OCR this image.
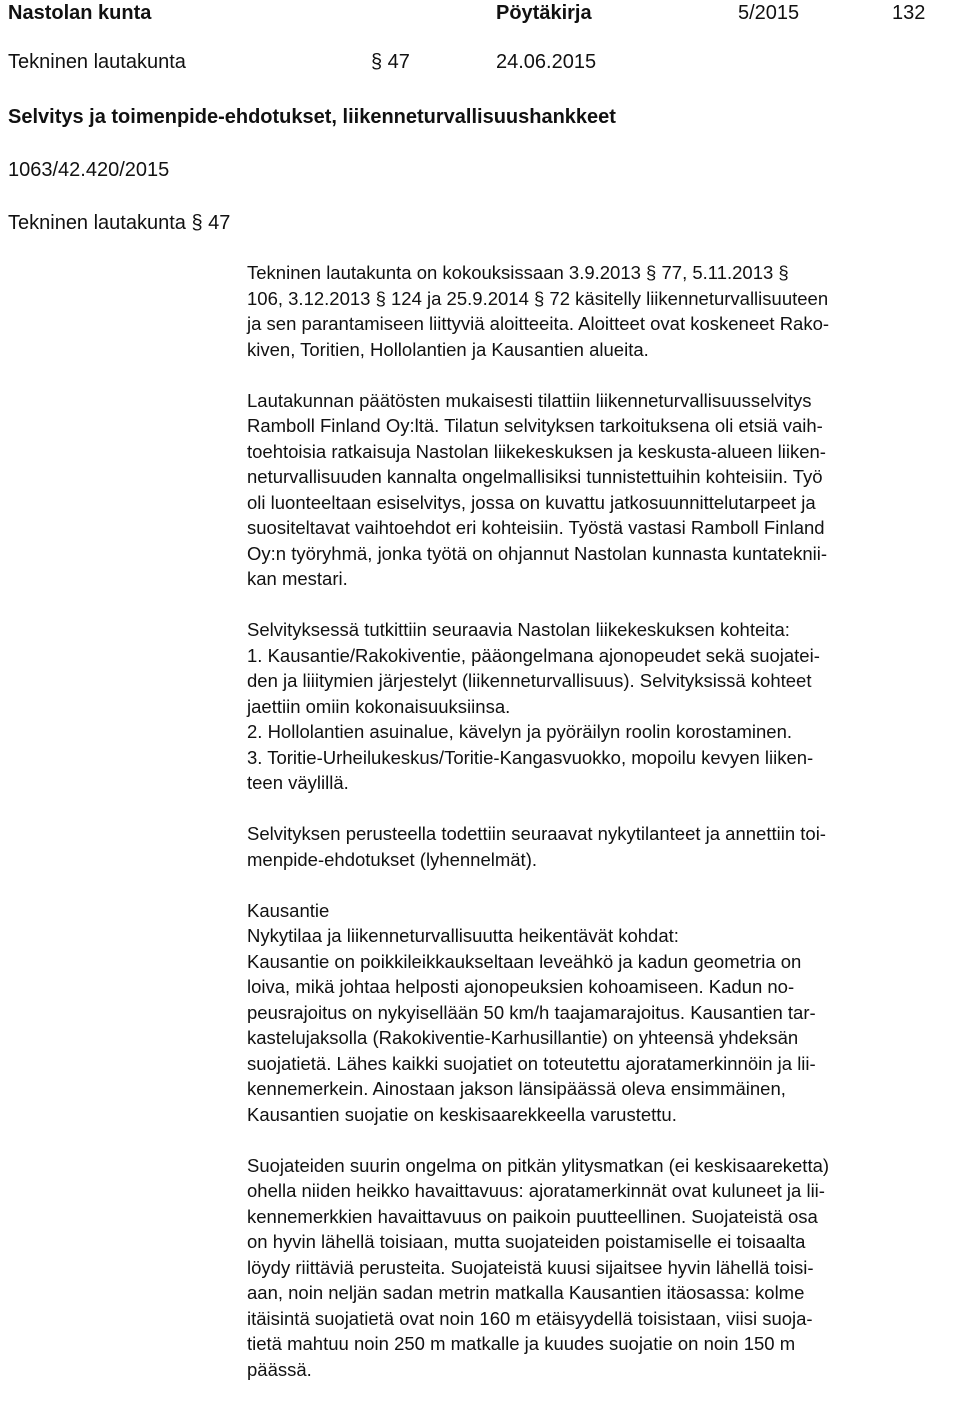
Nastolan kunta	Pöytäkirja	5/2015	132
Tekninen lautakunta	§ 47	24.06.2015
Selvitys ja toimenpide-ehdotukset, liikenneturvallisuushankkeet
1063/42.420/2015
Tekninen lautakunta § 47

Tekninen lautakunta on kokouksissaan 3.9.2013 § 77, 5.11.2013 §
106, 3.12.2013 § 124 ja 25.9.2014 § 72 käsitelly liikenneturvallisuuteen
ja sen parantamiseen liittyviä aloitteeita. Aloitteet ovat koskeneet Rako-
kiven, Toritien, Hollolantien ja Kausantien alueita.

Lautakunnan päätösten mukaisesti tilattiin liikenneturvallisuusselvitys
Ramboll Finland Oy:ltä. Tilatun selvityksen tarkoituksena oli etsiä vaih-
toehtoisia ratkaisuja Nastolan liikekeskuksen ja keskusta-alueen liiken-
neturvallisuuden kannalta ongelmallisiksi tunnistettuihin kohteisiin. Työ
oli luonteeltaan esiselvitys, jossa on kuvattu jatkosuunnittelutarpeet ja
suositeltavat vaihtoehdot eri kohteisiin. Työstä vastasi Ramboll Finland
Oy:n työryhmä, jonka työtä on ohjannut Nastolan kunnasta kuntateknii-
kan mestari.

Selvityksessä tutkittiin seuraavia Nastolan liikekeskuksen kohteita:
1. Kausantie/Rakokiventie, pääongelmana ajonopeudet sekä suojatei-
den ja liiitymien järjestelyt (liikenneturvallisuus). Selvityksissä kohteet
jaettiin omiin kokonaisuuksiinsa.
2. Hollolantien asuinalue, kävelyn ja pyöräilyn roolin korostaminen.
3. Toritie-Urheilukeskus/Toritie-Kangasvuokko, mopoilu kevyen liiken-
teen väylillä.

Selvityksen perusteella todettiin seuraavat nykytilanteet ja annettiin toi-
menpide-ehdotukset (lyhennelmät).

Kausantie
Nykytilaa ja liikenneturvallisuutta heikentävät kohdat:
Kausantie on poikkileikkaukseltaan leveähkö ja kadun geometria on
loiva, mikä johtaa helposti ajonopeuksien kohoamiseen. Kadun no-
peusrajoitus on nykyisellään 50 km/h taajamarajoitus. Kausantien tar-
kastelujaksolla (Rakokiventie-Karhusillantie) on yhteensä yhdeksän
suojatietä. Lähes kaikki suojatiet on toteutettu ajoratamerkinnöin ja lii-
kennemerkein. Ainostaan jakson länsipäässä oleva ensimmäinen,
Kausantien suojatie on keskisaarekkeella varustettu.

Suojateiden suurin ongelma on pitkän ylitysmatkan (ei keskisaareketta)
ohella niiden heikko havaittavuus: ajoratamerkinnät ovat kuluneet ja lii-
kennemerkkien havaittavuus on paikoin puutteellinen. Suojateistä osa
on hyvin lähellä toisiaan, mutta suojateiden poistamiselle ei toisaalta
löydy riittäviä perusteita. Suojateistä kuusi sijaitsee hyvin lähellä toisi-
aan, noin neljän sadan metrin matkalla Kausantien itäosassa: kolme
itäisintä suojatietä ovat noin 160 m etäisyydellä toisistaan, viisi suoja-
tietä mahtuu noin 250 m matkalle ja kuudes suojatie on noin 150 m
päässä.
